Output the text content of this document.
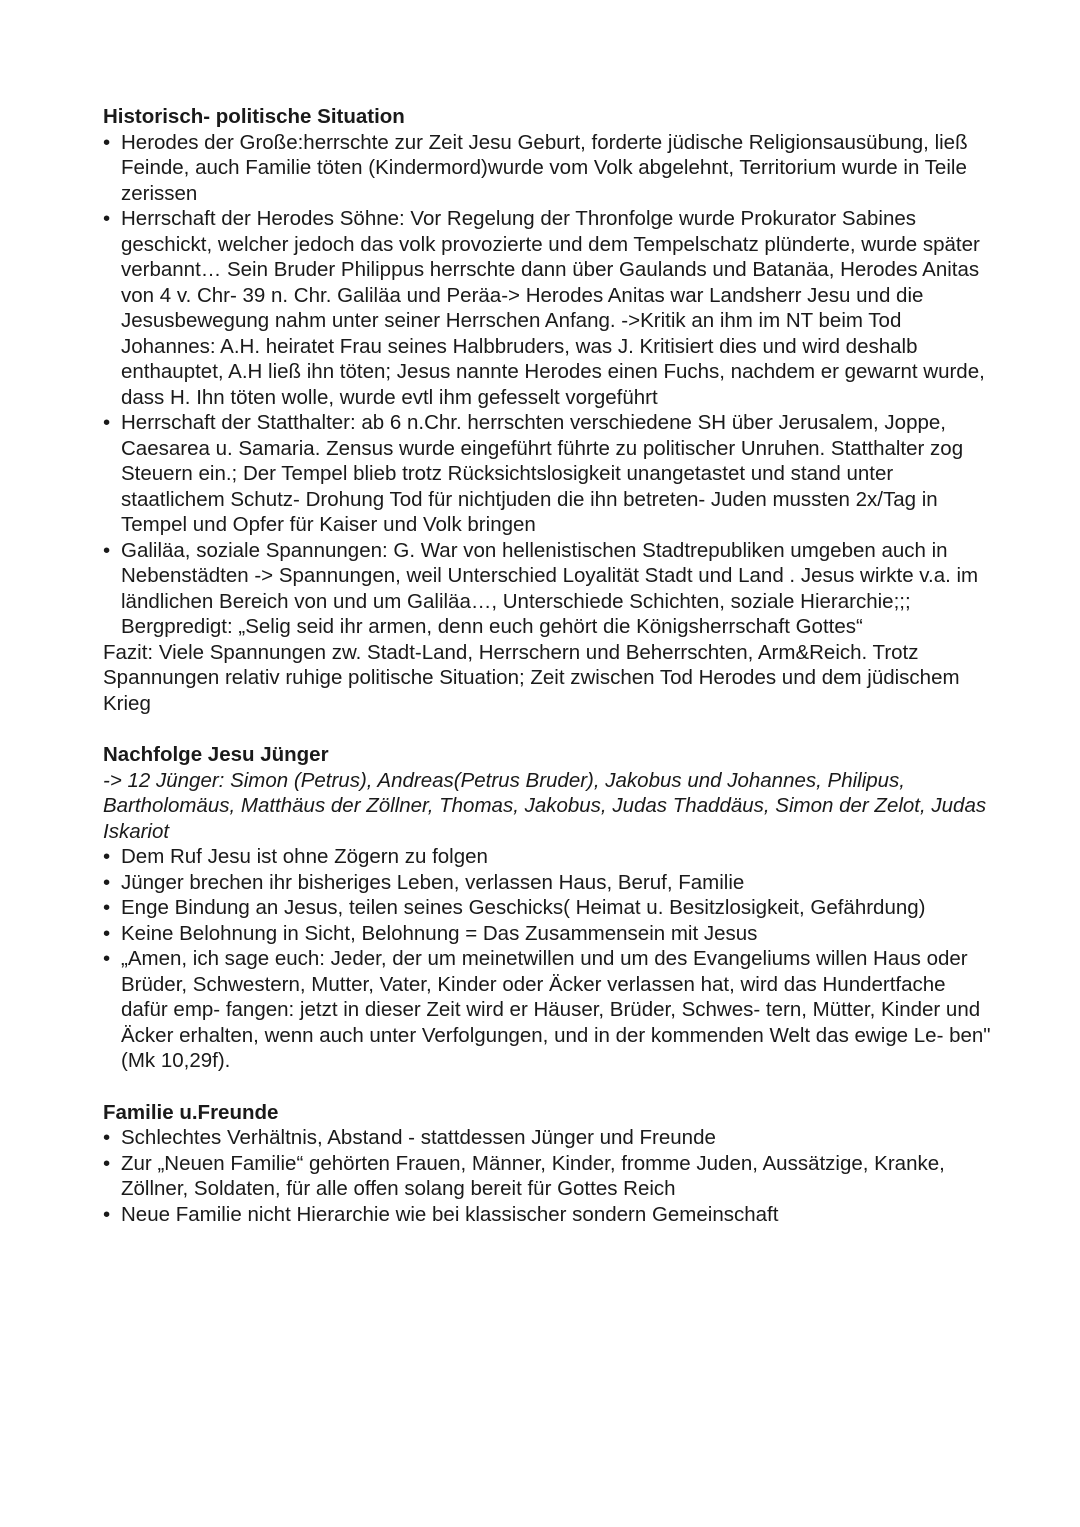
Historisch- politische Situation

• Herodes der Große:herrschte zur Zeit Jesu Geburt, forderte jüdische Religionsausübung, ließ Feinde, auch Familie töten (Kindermord)wurde vom Volk abgelehnt, Territorium wurde in Teile zerissen
• Herrschaft der Herodes Söhne: Vor Regelung der Thronfolge wurde Prokurator Sabines geschickt, welcher jedoch das volk provozierte und dem Tempelschatz plünderte, wurde später verbannt… Sein Bruder Philippus herrschte dann über Gaulands und Batanäa, Herodes Anitas von 4 v. Chr- 39 n. Chr. Galiläa und Peräa-> Herodes Anitas war Landsherr Jesu und die Jesusbewegung nahm unter seiner Herrschen Anfang. ->Kritik an ihm im NT beim Tod Johannes: A.H. heiratet Frau seines Halbbruders, was J. Kritisiert dies und wird deshalb enthauptet, A.H ließ ihn töten; Jesus nannte Herodes einen Fuchs, nachdem er gewarnt wurde, dass H. Ihn töten wolle, wurde evtl ihm gefesselt vorgeführt
• Herrschaft der Statthalter: ab 6 n.Chr. herrschten verschiedene SH über Jerusalem, Joppe, Caesarea u. Samaria. Zensus wurde eingeführt führte zu politischer Unruhen. Statthalter zog Steuern ein.; Der Tempel blieb trotz Rücksichtslosigkeit unangetastet und stand unter staatlichem Schutz- Drohung Tod für nichtjuden die ihn betreten- Juden mussten 2x/Tag in Tempel und Opfer für Kaiser und Volk bringen
• Galiläa, soziale Spannungen: G. War von hellenistischen Stadtrepubliken umgeben auch in Nebenstädten -> Spannungen, weil Unterschied Loyalität Stadt und Land . Jesus wirkte v.a. im ländlichen Bereich von und um Galiläa…, Unterschiede Schichten, soziale Hierarchie;;; Bergpredigt: „Selig seid ihr armen, denn euch gehört die Königsherrschaft Gottes“

Fazit: Viele Spannungen zw. Stadt-Land, Herrschern und Beherrschten, Arm&Reich. Trotz Spannungen relativ ruhige politische Situation; Zeit zwischen Tod Herodes und dem jüdischem Krieg

Nachfolge Jesu Jünger

-> 12 Jünger: Simon (Petrus), Andreas(Petrus Bruder), Jakobus und Johannes, Philipus, Bartholomäus, Matthäus der Zöllner, Thomas, Jakobus, Judas Thaddäus, Simon der Zelot, Judas Iskariot

• Dem Ruf Jesu ist ohne Zögern zu folgen
• Jünger brechen ihr bisheriges Leben, verlassen Haus, Beruf, Familie
• Enge Bindung an Jesus, teilen seines Geschicks( Heimat u. Besitzlosigkeit, Gefährdung)
• Keine Belohnung in Sicht, Belohnung = Das Zusammensein mit Jesus
• „Amen, ich sage euch: Jeder, der um meinetwillen und um des Evangeliums willen Haus oder Brüder, Schwestern, Mutter, Vater, Kinder oder Äcker verlassen hat, wird das Hundertfache dafür emp- fangen: jetzt in dieser Zeit wird er Häuser, Brüder, Schwes- tern, Mütter, Kinder und Äcker erhalten, wenn auch unter Verfolgungen, und in der kommenden Welt das ewige Le- ben" (Mk 10,29f).

Familie u.Freunde

• Schlechtes Verhältnis, Abstand - stattdessen Jünger und Freunde
• Zur „Neuen Familie“ gehörten Frauen, Männer, Kinder, fromme Juden, Aussätzige, Kranke, Zöllner, Soldaten, für alle offen solang bereit für Gottes Reich
• Neue Familie nicht Hierarchie wie bei klassischer sondern Gemeinschaft
